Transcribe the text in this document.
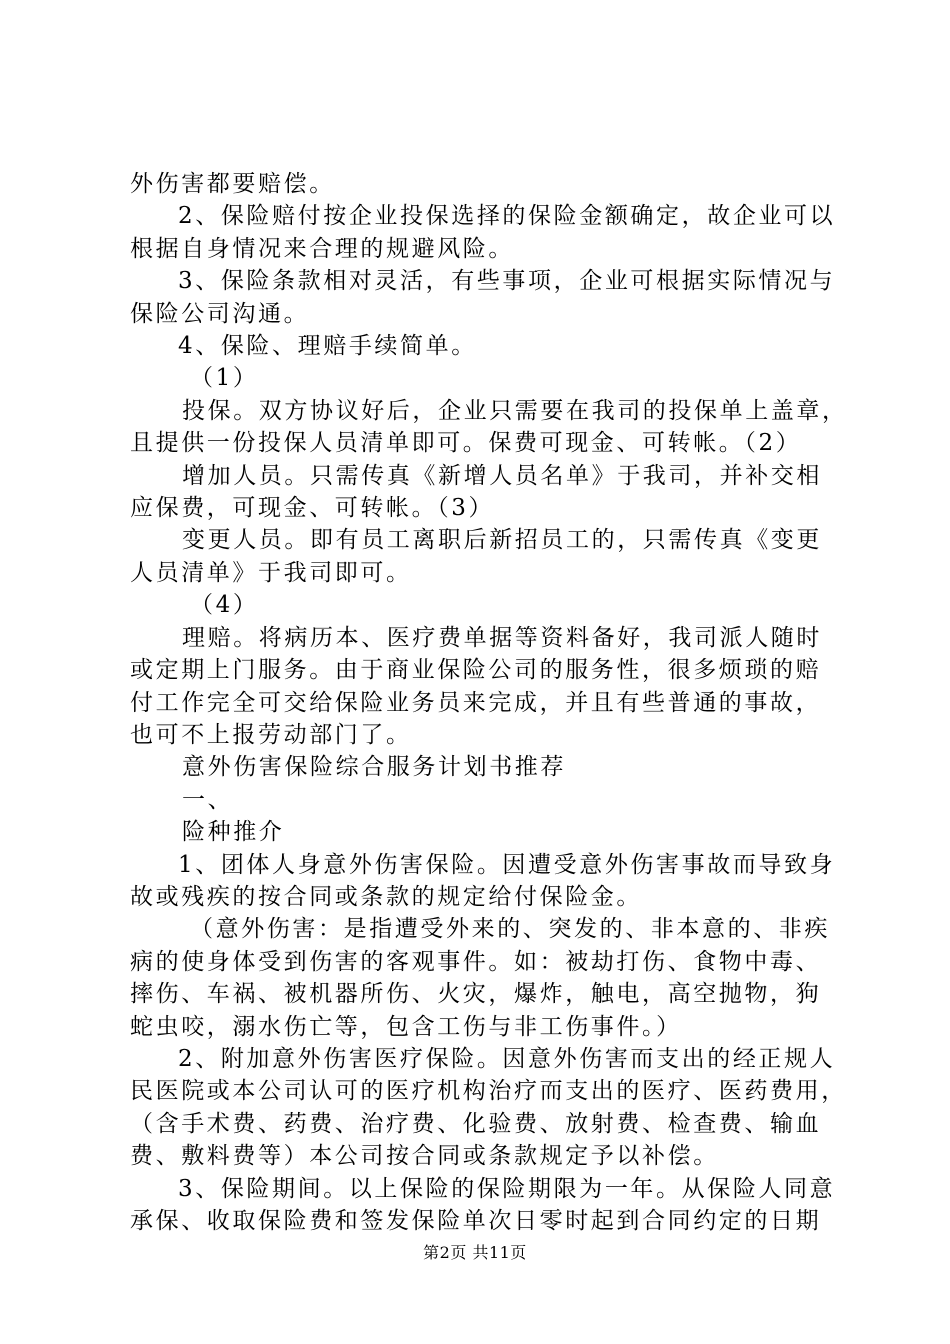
外伤害都要赔偿。

2、保险赔付按企业投保选择的保险金额确定，故企业可以

根据自身情况来合理的规避风险。

3、保险条款相对灵活，有些事项，企业可根据实际情况与

保险公司沟通。

4、保险、理赔手续简单。

（1）

投保。双方协议好后，企业只需要在我司的投保单上盖章，

且提供一份投保人员清单即可。保费可现金、可转帐。（2）

增加人员。只需传真《新增人员名单》于我司，并补交相

应保费，可现金、可转帐。（3）

变更人员。即有员工离职后新招员工的，只需传真《变更

人员清单》于我司即可。

（4）

理赔。将病历本、医疗费单据等资料备好，我司派人随时

或定期上门服务。由于商业保险公司的服务性，很多烦琐的赔

付工作完全可交给保险业务员来完成，并且有些普通的事故，

也可不上报劳动部门了。

意外伤害保险综合服务计划书推荐

一、

险种推介

1、团体人身意外伤害保险。因遭受意外伤害事故而导致身

故或残疾的按合同或条款的规定给付保险金。

（意外伤害：是指遭受外来的、突发的、非本意的、非疾

病的使身体受到伤害的客观事件。如：被劫打伤、食物中毒、

摔伤、车祸、被机器所伤、火灾，爆炸，触电，高空抛物，狗

蛇虫咬，溺水伤亡等，包含工伤与非工伤事件。）

2、附加意外伤害医疗保险。因意外伤害而支出的经正规人

民医院或本公司认可的医疗机构治疗而支出的医疗、医药费用，

（含手术费、药费、治疗费、化验费、放射费、检查费、输血

费、敷料费等）本公司按合同或条款规定予以补偿。

3、保险期间。以上保险的保险期限为一年。从保险人同意

承保、收取保险费和签发保险单次日零时起到合同约定的日期

第2页 共11页
